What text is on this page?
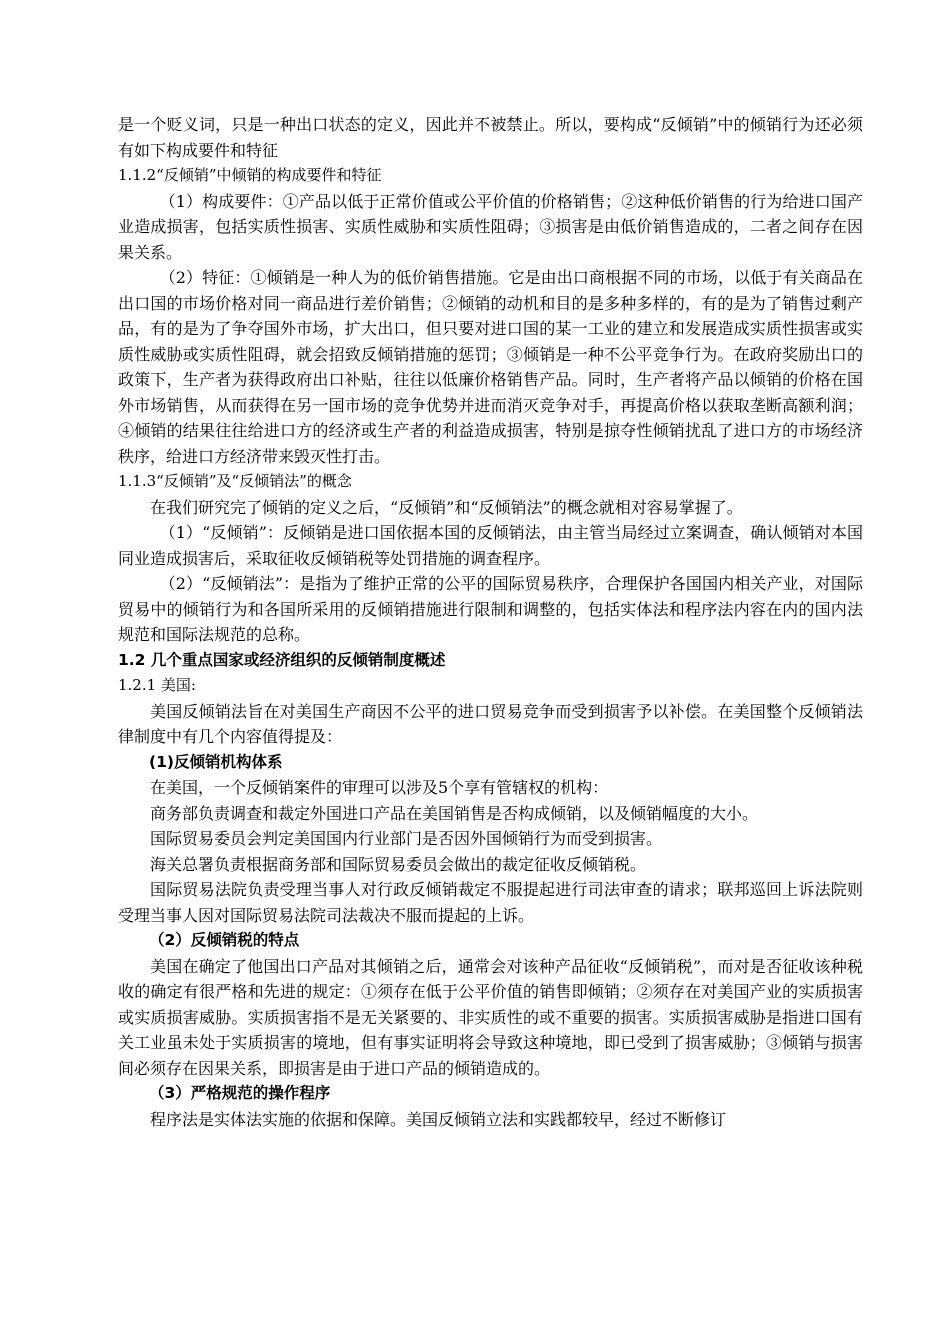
是一个贬义词，只是一种出口状态的定义，因此并不被禁止。所以，要构成“反倾销”中的倾销行为还必须有如下构成要件和特征

1.1.2“反倾销”中倾销的构成要件和特征

（1）构成要件：①产品以低于正常价值或公平价值的价格销售；②这种低价销售的行为给进口国产业造成损害，包括实质性损害、实质性威胁和实质性阻碍；③损害是由低价销售造成的，二者之间存在因果关系。

（2）特征：①倾销是一种人为的低价销售措施。它是由出口商根据不同的市场，以低于有关商品在出口国的市场价格对同一商品进行差价销售；②倾销的动机和目的是多种多样的，有的是为了销售过剩产品，有的是为了争夺国外市场，扩大出口，但只要对进口国的某一工业的建立和发展造成实质性损害或实质性威胁或实质性阻碍，就会招致反倾销措施的惩罚；③倾销是一种不公平竞争行为。在政府奖励出口的政策下，生产者为获得政府出口补贴，往往以低廉价格销售产品。同时，生产者将产品以倾销的价格在国外市场销售，从而获得在另一国市场的竞争优势并进而消灭竞争对手，再提高价格以获取垄断高额利润；④倾销的结果往往给进口方的经济或生产者的利益造成损害，特别是掠夺性倾销扰乱了进口方的市场经济秩序，给进口方经济带来毁灭性打击。

1.1.3“反倾销”及“反倾销法”的概念

在我们研究完了倾销的定义之后，“反倾销”和“反倾销法”的概念就相对容易掌握了。

（1）“反倾销”：反倾销是进口国依据本国的反倾销法，由主管当局经过立案调查，确认倾销对本国同业造成损害后，采取征收反倾销税等处罚措施的调查程序。

（2）“反倾销法”：是指为了维护正常的公平的国际贸易秩序，合理保护各国国内相关产业，对国际贸易中的倾销行为和各国所采用的反倾销措施进行限制和调整的，包括实体法和程序法内容在内的国内法规范和国际法规范的总称。

1.2 几个重点国家或经济组织的反倾销制度概述

1.2.1 美国:

美国反倾销法旨在对美国生产商因不公平的进口贸易竞争而受到损害予以补偿。在美国整个反倾销法律制度中有几个内容值得提及：

(1)反倾销机构体系

在美国，一个反倾销案件的审理可以涉及5个享有管辖权的机构：

商务部负责调查和裁定外国进口产品在美国销售是否构成倾销，以及倾销幅度的大小。

国际贸易委员会判定美国国内行业部门是否因外国倾销行为而受到损害。

海关总署负责根据商务部和国际贸易委员会做出的裁定征收反倾销税。

国际贸易法院负责受理当事人对行政反倾销裁定不服提起进行司法审查的请求；联邦巡回上诉法院则受理当事人因对国际贸易法院司法裁决不服而提起的上诉。

（2）反倾销税的特点

美国在确定了他国出口产品对其倾销之后，通常会对该种产品征收“反倾销税”，而对是否征收该种税收的确定有很严格和先进的规定：①须存在低于公平价值的销售即倾销；②须存在对美国产业的实质损害或实质损害威胁。实质损害指不是无关紧要的、非实质性的或不重要的损害。实质损害威胁是指进口国有关工业虽未处于实质损害的境地，但有事实证明将会导致这种境地，即已受到了损害威胁；③倾销与损害间必须存在因果关系，即损害是由于进口产品的倾销造成的。

（3）严格规范的操作程序

程序法是实体法实施的依据和保障。美国反倾销立法和实践都较早，经过不断修订
